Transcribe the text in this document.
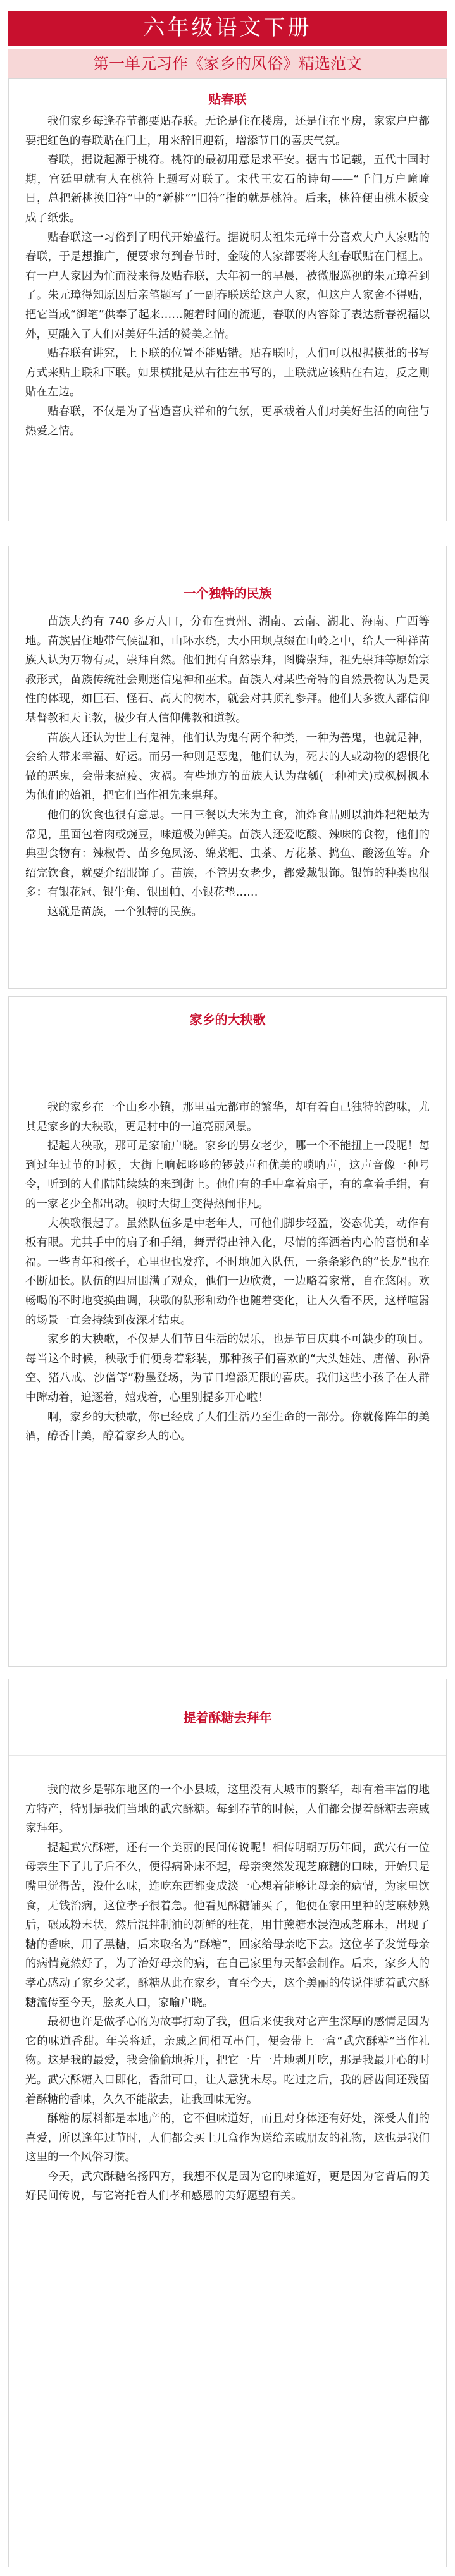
六年级语文下册
第一单元习作《家乡的风俗》精选范文
贴春联

我们家乡每逢春节都要贴春联。无论是住在楼房，还是住在平房，家家户户都要把红色的春联贴在门上，用来辞旧迎新，增添节日的喜庆气氛。

春联，据说起源于桃符。桃符的最初用意是求平安。据古书记载，五代十国时期，宫廷里就有人在桃符上题写对联了。宋代王安石的诗句——“千门万户曈曈日，总把新桃换旧符”中的“新桃”“旧符”指的就是桃符。后来，桃符便由桃木板变成了纸张。

贴春联这一习俗到了明代开始盛行。据说明太祖朱元璋十分喜欢大户人家贴的春联，于是想推广，便要求每到春节时，金陵的人家都要将大红春联贴在门框上。有一户人家因为忙而没来得及贴春联，大年初一的早晨，被微服巡视的朱元璋看到了。朱元璋得知原因后亲笔题写了一副春联送给这户人家，但这户人家舍不得贴，把它当成“御笔”供奉了起来……随着时间的流逝，春联的内容除了表达新春祝福以外，更融入了人们对美好生活的赞美之情。

贴春联有讲究，上下联的位置不能贴错。贴春联时，人们可以根据横批的书写方式来贴上联和下联。如果横批是从右往左书写的，上联就应该贴在右边，反之则贴在左边。

贴春联，不仅是为了营造喜庆祥和的气氛，更承载着人们对美好生活的向往与热爱之情。

一个独特的民族

苗族大约有 740 多万人口，分布在贵州、湖南、云南、湖北、海南、广西等地。苗族居住地带气候温和，山环水绕，大小田坝点缀在山岭之中，给人一种祥苗族人认为万物有灵，崇拜自然。他们拥有自然崇拜，图腾崇拜，祖先崇拜等原始宗教形式，苗族传统社会则迷信鬼神和巫术。苗族人对某些奇特的自然景物认为是灵性的体现，如巨石、怪石、高大的树木，就会对其顶礼参拜。他们大多数人都信仰基督教和天主教，极少有人信仰佛教和道教。

苗族人还认为世上有鬼神，他们认为鬼有两个种类，一种为善鬼，也就是神，会给人带来幸福、好运。而另一种则是恶鬼，他们认为，死去的人或动物的怨恨化做的恶鬼，会带来瘟疫、灾祸。有些地方的苗族人认为盘瓠(一种神犬)或枫树枫木为他们的始祖，把它们当作祖先来祟拜。

他们的饮食也很有意思。一日三餐以大米为主食，油炸食品则以油炸粑粑最为常见，里面包着肉或豌豆，味道极为鲜美。苗族人还爱吃酸、辣味的食物，他们的典型食物有：辣椒骨、苗乡兔凤汤、绵菜粑、虫茶、万花茶、捣鱼、酸汤鱼等。介绍完饮食，就要介绍服饰了。苗族，不管男女老少，都爱戴银饰。银饰的种类也很多：有银花冠、银牛角、银围帕、小银花垫……

这就是苗族，一个独特的民族。

家乡的大秧歌

我的家乡在一个山乡小镇，那里虽无都市的繁华，却有着自己独特的韵味，尤其是家乡的大秧歌，更是村中的一道亮丽风景。

提起大秧歌，那可是家喻户晓。家乡的男女老少，哪一个不能扭上一段呢！每到过年过节的时候，大街上响起哆哆的锣鼓声和优美的唢呐声，这声音像一种号令，听到的人们陆陆续续的来到街上。他们有的手中拿着扇子，有的拿着手绢，有的一家老少全都出动。顿时大街上变得热闹非凡。

大秧歌很起了。虽然队伍多是中老年人，可他们脚步轻盈，姿态优美，动作有板有眼。尤其手中的扇子和手绢，舞弄得出神入化，尽情的挥洒着内心的喜悦和幸福。一些青年和孩子，心里也也发痒，不时地加入队伍，一条条彩色的“长龙”也在不断加长。队伍的四周围满了观众，他们一边欣赏，一边略着家常，自在悠闲。欢畅喝的不时地变换曲调，秧歌的队形和动作也随着变化，让人久看不厌，这样喧嚣的场景一直会持续到夜深才结束。

家乡的大秧歌，不仅是人们节日生活的娱乐，也是节日庆典不可缺少的项目。每当这个时候，秧歌手们便身着彩装，那种孩子们喜欢的“大头娃娃、唐僧、孙悟空、猪八戒、沙僧等”粉墨登场，为节日增添无限的喜庆。我们这些小孩子在人群中蹿动着，追逐着，嬉戏着，心里别提多开心啦！

啊，家乡的大秧歌，你已经成了人们生活乃至生命的一部分。你就像阵年的美酒，醇香甘美，醇着家乡人的心。

提着酥糖去拜年

我的故乡是鄂东地区的一个小县城，这里没有大城市的繁华，却有着丰富的地方特产，特别是我们当地的武穴酥糖。每到春节的时候，人们都会提着酥糖去亲戚家拜年。

提起武穴酥糖，还有一个美丽的民间传说呢！相传明朝万历年间，武穴有一位母亲生下了儿子后不久，便得病卧床不起，母亲突然发现芝麻糖的口味，开始只是嘴里觉得苦，没什么味，连吃东西都变成淡一心想着能够让母亲的病情，为家里饮食，无钱治病，这位孝子很着急。他看见酥糖铺买了，他便在家田里种的芝麻炒熟后，碾成粉末状，然后混拌制油的新鲜的桂花，用甘蔗糖水浸泡成芝麻末，出现了糖的香味，用了黑糖，后来取名为“酥糖”，回家给母亲吃下去。这位孝子发觉母亲的病情竟然好了，为了治好母亲的病，在自己家里每天都会制作。后来，家乡人的孝心感动了家乡父老，酥糖从此在家乡，直至今天，这个美丽的传说伴随着武穴酥糖流传至今天，脍炙人口，家喻户晓。

最初也许是做孝心的为故事打动了我，但后来使我对它产生深厚的感情是因为它的味道香甜。年关将近，亲戚之间相互串门，便会带上一盒“武穴酥糖”当作礼物。这是我的最爱，我会偷偷地拆开，把它一片一片地剥开吃，那是我最开心的时光。武穴酥糖入口即化，香甜可口，让人意犹未尽。吃过之后，我的唇齿间还残留着酥糖的香味，久久不能散去，让我回味无穷。

酥糖的原料都是本地产的，它不但味道好，而且对身体还有好处，深受人们的喜爱，所以逢年过节时，人们都会买上几盒作为送给亲戚朋友的礼物，这也是我们这里的一个风俗习惯。

今天，武穴酥糖名扬四方，我想不仅是因为它的味道好，更是因为它背后的美好民间传说，与它寄托着人们孝和感恩的美好愿望有关。
